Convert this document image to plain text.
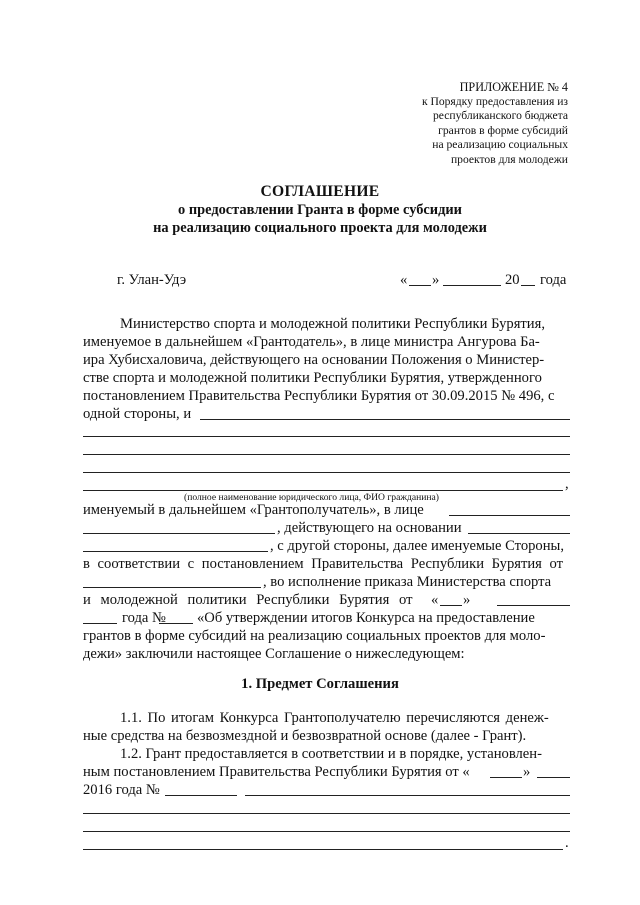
ПРИЛОЖЕНИЕ № 4
к Порядку предоставления из
республиканского бюджета
грантов в форме субсидий
на реализацию социальных
проектов для молодежи
СОГЛАШЕНИЕ
о предоставлении Гранта в форме субсидии
на реализацию социального проекта для молодежи
г. Улан-Удэ	« »	20 года
Министерство спорта и молодежной политики Республики Бурятия,
именуемое в дальнейшем «Грантодатель», в лице министра Ангурова Ба-
ира Хубисхаловича, действующего на основании Положения о Министер-
стве спорта и молодежной политики Республики Бурятия, утвержденного
постановлением Правительства Республики Бурятия от 30.09.2015 № 496, с
одной стороны, и
,
(полное наименование юридического лица, ФИО гражданина)
именуемый в дальнейшем «Грантополучатель», в лице
, действующего на основании
, с другой стороны, далее именуемые Стороны,
в соответствии с постановлением Правительства Республики Бурятия от
, во исполнение приказа Министерства спорта
и молодежной политики Республики Бурятия от « »
года № «Об утверждении итогов Конкурса на предоставление
грантов в форме субсидий на реализацию социальных проектов для моло-
дежи» заключили настоящее Соглашение о нижеследующем:
1. Предмет Соглашения
1.1. По итогам Конкурса Грантополучателю перечисляются денеж-
ные средства на безвозмездной и безвозвратной основе (далее - Грант).
1.2. Грант предоставляется в соответствии и в порядке, установлен-
ным постановлением Правительства Республики Бурятия от «	»
2016 года №
.
